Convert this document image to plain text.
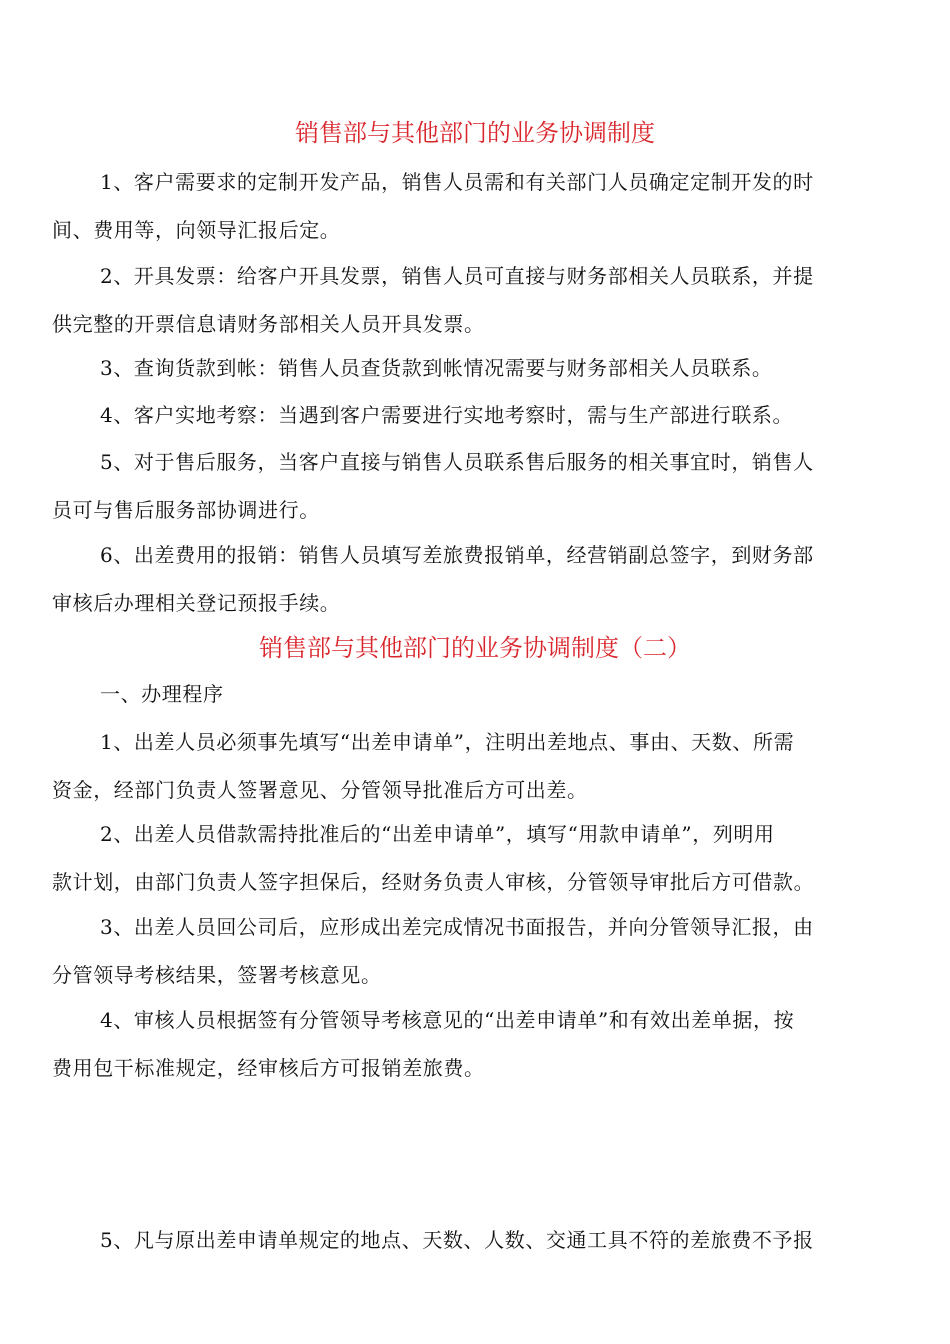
销售部与其他部门的业务协调制度

1、客户需要求的定制开发产品，销售人员需和有关部门人员确定定制开发的时
间、费用等，向领导汇报后定。

2、开具发票：给客户开具发票，销售人员可直接与财务部相关人员联系，并提
供完整的开票信息请财务部相关人员开具发票。

3、查询货款到帐：销售人员查货款到帐情况需要与财务部相关人员联系。

4、客户实地考察：当遇到客户需要进行实地考察时，需与生产部进行联系。

5、对于售后服务，当客户直接与销售人员联系售后服务的相关事宜时，销售人
员可与售后服务部协调进行。

6、出差费用的报销：销售人员填写差旅费报销单，经营销副总签字，到财务部
审核后办理相关登记预报手续。

销售部与其他部门的业务协调制度（二）

一、办理程序

1、出差人员必须事先填写“出差申请单”，注明出差地点、事由、天数、所需
资金，经部门负责人签署意见、分管领导批准后方可出差。

2、出差人员借款需持批准后的“出差申请单”，填写“用款申请单”，列明用
款计划，由部门负责人签字担保后，经财务负责人审核，分管领导审批后方可借款。

3、出差人员回公司后，应形成出差完成情况书面报告，并向分管领导汇报，由
分管领导考核结果，签署考核意见。

4、审核人员根据签有分管领导考核意见的“出差申请单”和有效出差单据，按
费用包干标准规定，经审核后方可报销差旅费。

5、凡与原出差申请单规定的地点、天数、人数、交通工具不符的差旅费不予报
